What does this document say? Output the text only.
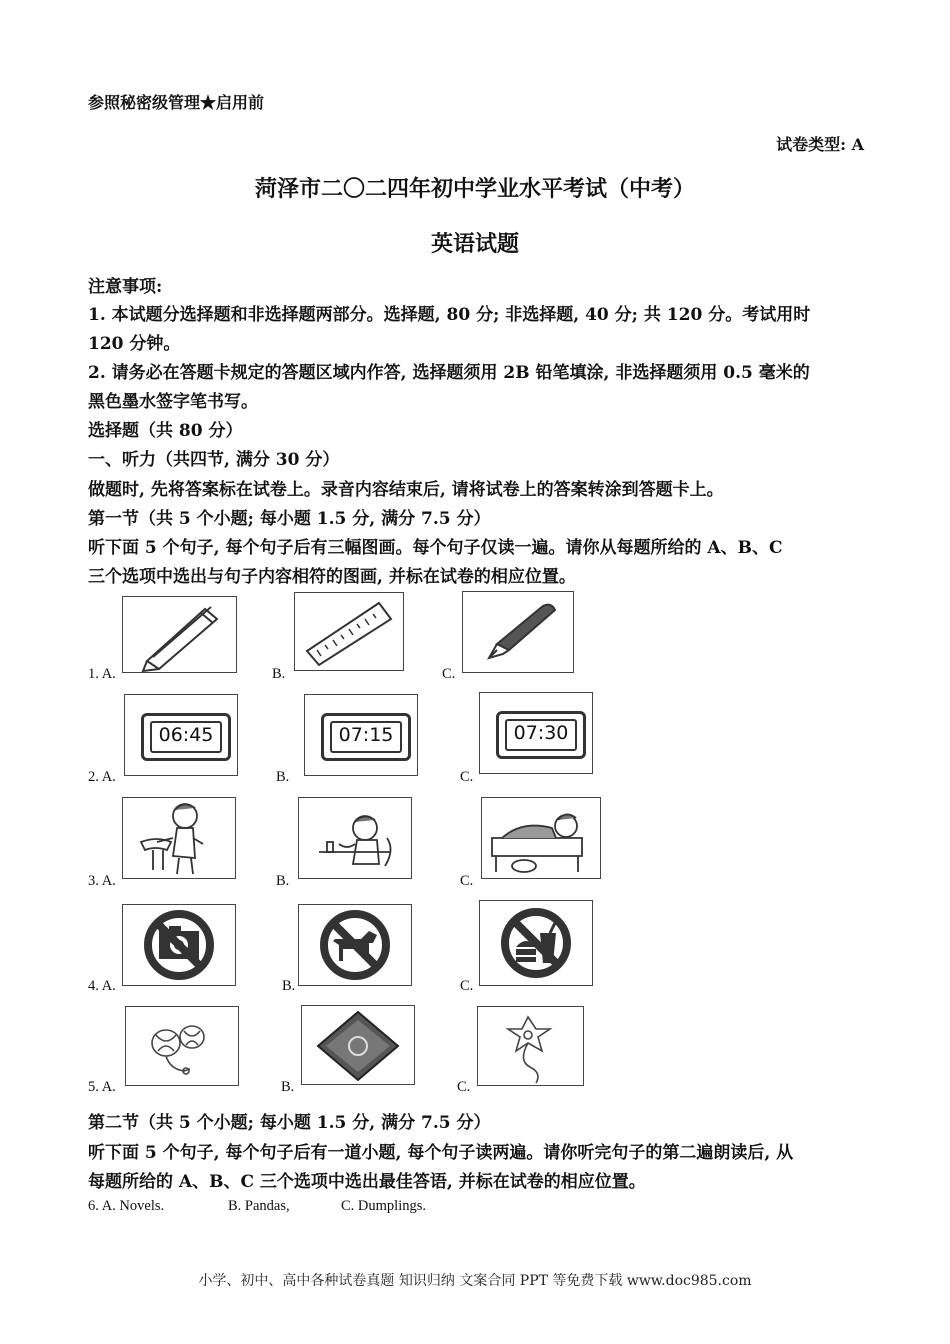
参照秘密级管理★启用前
试卷类型: A
菏泽市二〇二四年初中学业水平考试（中考）
英语试题
注意事项:
1. 本试题分选择题和非选择题两部分。选择题, 80 分; 非选择题, 40 分; 共 120 分。考试用时
120 分钟。
2. 请务必在答题卡规定的答题区域内作答, 选择题须用 2B 铅笔填涂, 非选择题须用 0.5 毫米的
黑色墨水签字笔书写。
选择题（共 80 分）
一、听力（共四节, 满分 30 分）
做题时, 先将答案标在试卷上。录音内容结束后, 请将试卷上的答案转涂到答题卡上。
第一节（共 5 个小题; 每小题 1.5 分, 满分 7.5 分）
听下面 5 个句子, 每个句子后有三幅图画。每个句子仅读一遍。请你从每题所给的 A、B、C
三个选项中选出与句子内容相符的图画, 并标在试卷的相应位置。
1. A.	B.	C.
06:45	07:15	07:30
2. A.	B.	C.
3. A.	B.	C.
4. A.	B.	C.
5. A.	B.	C.
第二节（共 5 个小题; 每小题 1.5 分, 满分 7.5 分）
听下面 5 个句子, 每个句子后有一道小题, 每个句子读两遍。请你听完句子的第二遍朗读后, 从
每题所给的 A、B、C 三个选项中选出最佳答语, 并标在试卷的相应位置。
6. A. Novels.	B. Pandas,	C. Dumplings.
小学、初中、高中各种试卷真题 知识归纳 文案合同 PPT 等免费下载 www.doc985.com
